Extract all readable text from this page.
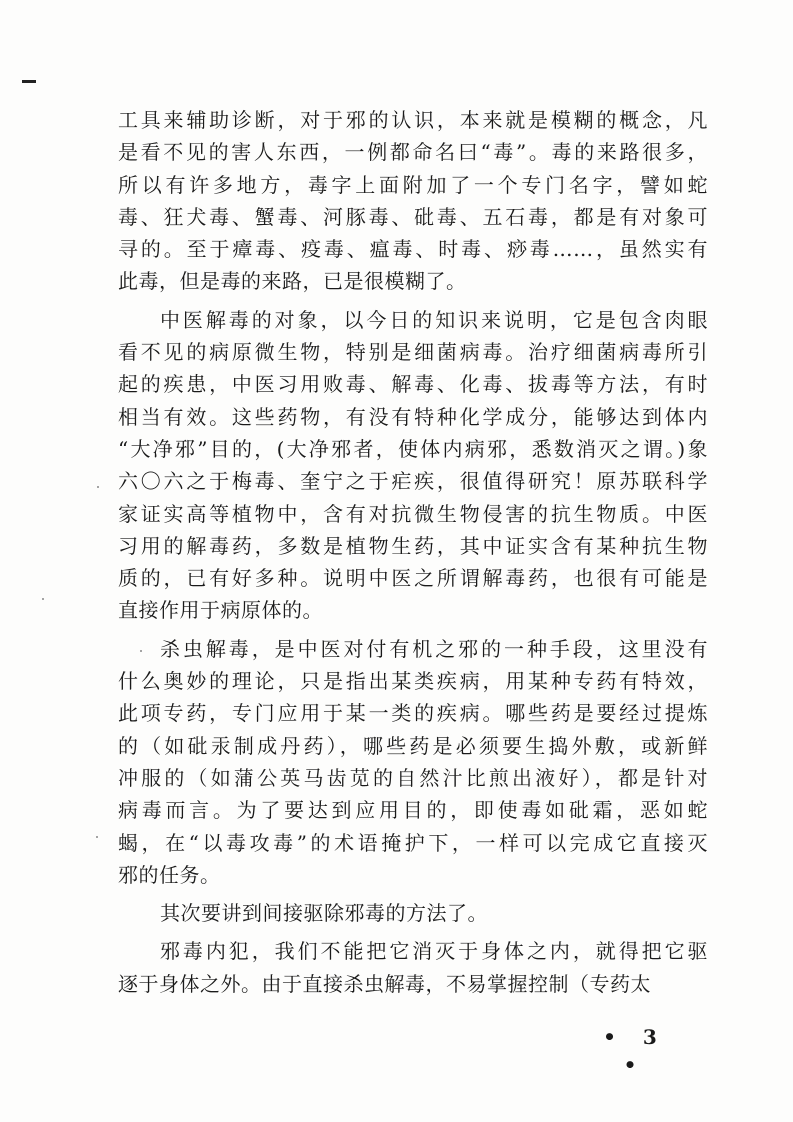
工具来辅助诊断，对于邪的认识，本来就是模糊的概念，凡
是看不见的害人东西，一例都命名曰“毒”。毒的来路很多，
所以有许多地方，毒字上面附加了一个专门名字，譬如蛇
毒、狂犬毒、蟹毒、河豚毒、砒毒、五石毒，都是有对象可
寻的。至于瘴毒、疫毒、瘟毒、时毒、痧毒……，虽然实有
此毒，但是毒的来路，已是很模糊了。
中医解毒的对象，以今日的知识来说明，它是包含肉眼
看不见的病原微生物，特别是细菌病毒。治疗细菌病毒所引
起的疾患，中医习用败毒、解毒、化毒、拔毒等方法，有时
相当有效。这些药物，有没有特种化学成分，能够达到体内
“大净邪”目的，(大净邪者，使体内病邪，悉数消灭之谓。)象
六〇六之于梅毒、奎宁之于疟疾，很值得研究！原苏联科学
家证实高等植物中，含有对抗微生物侵害的抗生物质。中医
习用的解毒药，多数是植物生药，其中证实含有某种抗生物
质的，已有好多种。说明中医之所谓解毒药，也很有可能是
直接作用于病原体的。
杀虫解毒，是中医对付有机之邪的一种手段，这里没有
什么奥妙的理论，只是指出某类疾病，用某种专药有特效，
此项专药，专门应用于某一类的疾病。哪些药是要经过提炼
的（如砒汞制成丹药），哪些药是必须要生捣外敷，或新鲜
冲服的（如蒲公英马齿苋的自然汁比煎出液好），都是针对
病毒而言。为了要达到应用目的，即使毒如砒霜，恶如蛇
蝎，在“以毒攻毒”的术语掩护下，一样可以完成它直接灭
邪的任务。
其次要讲到间接驱除邪毒的方法了。
邪毒内犯，我们不能把它消灭于身体之内，就得把它驱
逐于身体之外。由于直接杀虫解毒，不易掌握控制（专药太
• 3 •
